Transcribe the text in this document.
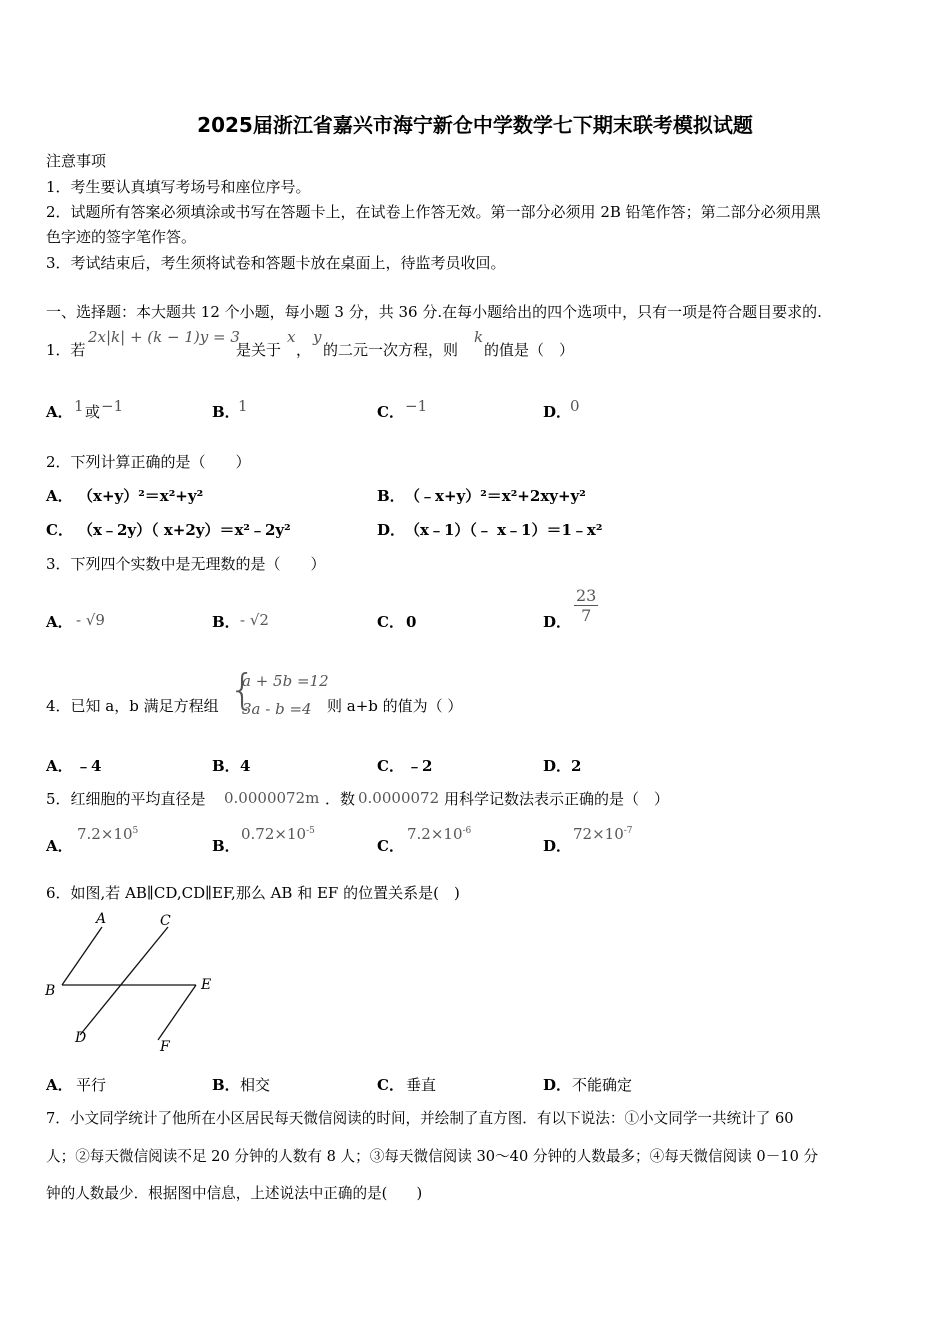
2025届浙江省嘉兴市海宁新仓中学数学七下期末联考模拟试题
注意事项
1．考生要认真填写考场号和座位序号。
2．试题所有答案必须填涂或书写在答题卡上，在试卷上作答无效。第一部分必须用 2B 铅笔作答；第二部分必须用黑
色字迹的签字笔作答。
3．考试结束后，考生须将试卷和答题卡放在桌面上，待监考员收回。
一、选择题：本大题共 12 个小题，每小题 3 分，共 36 分.在每小题给出的四个选项中，只有一项是符合题目要求的.
1．若
2x|k| + (k − 1)y = 3
是关于
x
，
y
的二元一次方程，则
k
的值是（　）
A． 1 或 −1	B．
1	C． −1	D．
0
2．下列计算正确的是（　　）
A． （x+y）²＝x²+y²	B． （﹣x+y）²＝x²+2xy+y²
C． （x﹣2y）（ x+2y）＝x²﹣2y²	D． （x﹣1）（﹣ x﹣1）＝1﹣x²
3．下列四个实数中是无理数的是（　　）
A． - √9	B． - √2	C． 0	D． $\frac{23}{7}$
4．已知 a，b 满足方程组 {
a + 5b =12
3a - b =4 则 a+b 的值为（ ）
A． ﹣4	B． 4	C． ﹣2	D． 2
5．红细胞的平均直径是 0.0000072m ．数 0.0000072 用科学记数法表示正确的是（　）
A．
$7.2\times 10^5$
B．
$0.72\times 10^{-5}$
C．
$7.2\times 10^{-6}$
D．
$72\times 10^{-7}$
6．如图,若 AB∥CD,CD∥EF,那么 AB 和 EF 的位置关系是(　)
A	C
B	E
D
F
A． 平行	B． 相交	C． 垂直	D． 不能确定
7．小文同学统计了他所在小区居民每天微信阅读的时间，并绘制了直方图．有以下说法：①小文同学一共统计了 60
人；②每天微信阅读不足 20 分钟的人数有 8 人；③每天微信阅读 30～40 分钟的人数最多；④每天微信阅读 0－10 分
钟的人数最少．根据图中信息，上述说法中正确的是(　　)
